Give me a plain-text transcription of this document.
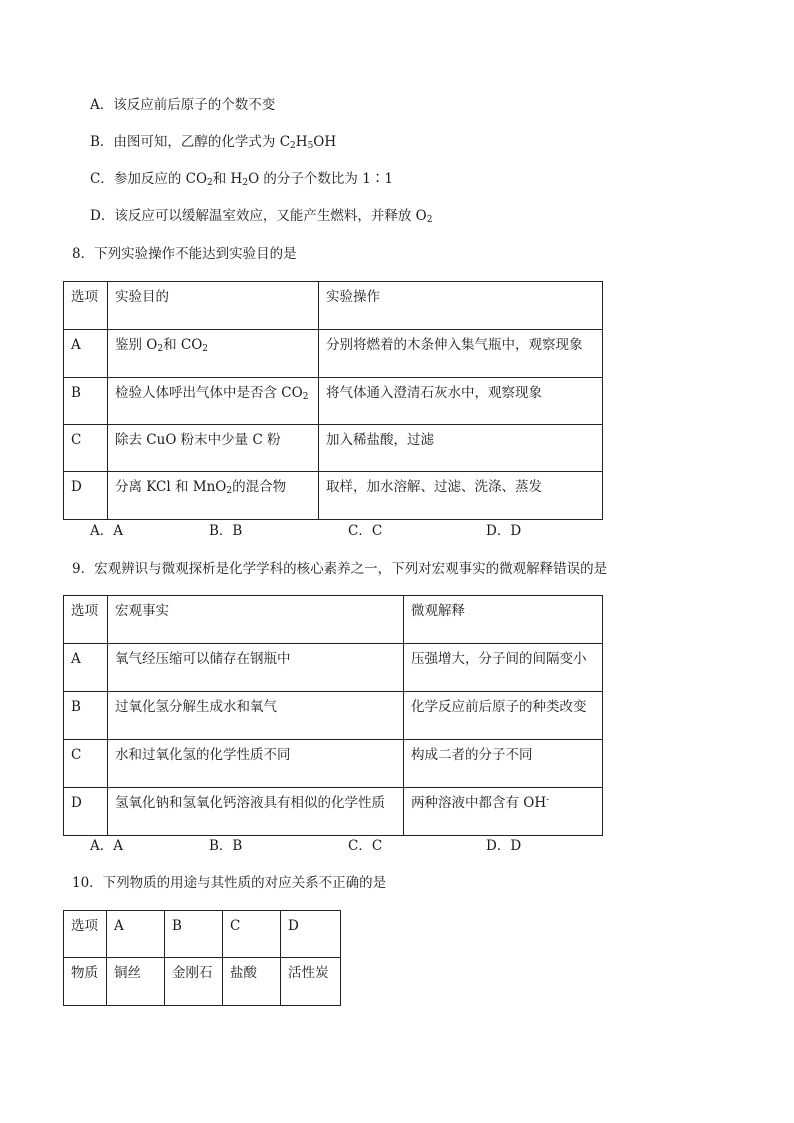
A．该反应前后原子的个数不变
B．由图可知，乙醇的化学式为 $C_2H_5OH$
C．参加反应的 $CO_2$和 $H_2O$ 的分子个数比为 1∶1
D．该反应可以缓解温室效应，又能产生燃料，并释放 $O_2$
8．下列实验操作不能达到实验目的是
选项	实验目的	实验操作
A	鉴别 $O_2$和 $CO_2$	分别将燃着的木条伸入集气瓶中，观察现象
B	检验人体呼出气体中是否含 $CO_2$	将气体通入澄清石灰水中，观察现象
C	除去 CuO 粉末中少量 C 粉	加入稀盐酸，过滤
D	分离 KCl 和 MnO$_2$的混合物	取样，加水溶解、过滤、洗涤、蒸发
A．A	B．B	C．C	D．D
9．宏观辨识与微观探析是化学学科的核心素养之一，下列对宏观事实的微观解释错误的是
选项	宏观事实	微观解释
A	氧气经压缩可以储存在钢瓶中	压强增大，分子间的间隔变小
B	过氧化氢分解生成水和氧气	化学反应前后原子的种类改变
C	水和过氧化氢的化学性质不同	构成二者的分子不同
D	氢氧化钠和氢氧化钙溶液具有相似的化学性质	两种溶液中都含有 OH-
A．A	B．B	C．C	D．D
10．下列物质的用途与其性质的对应关系不正确的是
选项	A	B	C	D
物质	铜丝	金刚石	盐酸	活性炭
